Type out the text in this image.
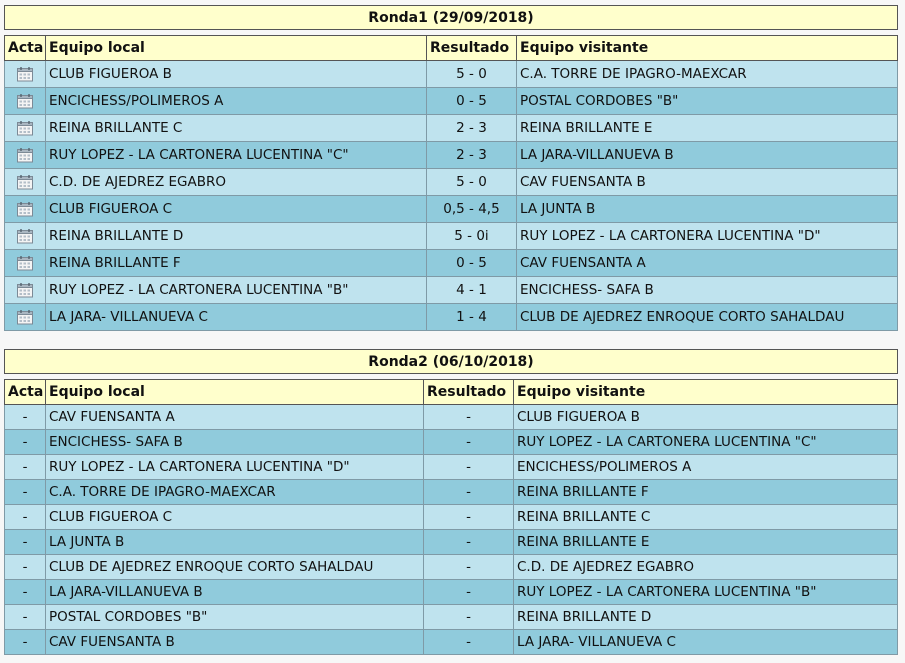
Ronda1 (29/09/2018)
Acta	Equipo local	Resultado	Equipo visitante
	CLUB FIGUEROA B	5 - 0	C.A. TORRE DE IPAGRO-MAEXCAR
	ENCICHESS/POLIMEROS A	0 - 5	POSTAL CORDOBES "B"
	REINA BRILLANTE C	2 - 3	REINA BRILLANTE E
	RUY LOPEZ - LA CARTONERA LUCENTINA "C"	2 - 3	LA JARA-VILLANUEVA B
	C.D. DE AJEDREZ EGABRO	5 - 0	CAV FUENSANTA B
	CLUB FIGUEROA C	0,5 - 4,5	LA JUNTA B
	REINA BRILLANTE D	5 - 0i	RUY LOPEZ - LA CARTONERA LUCENTINA "D"
	REINA BRILLANTE F	0 - 5	CAV FUENSANTA A
	RUY LOPEZ - LA CARTONERA LUCENTINA "B"	4 - 1	ENCICHESS- SAFA B
	LA JARA- VILLANUEVA C	1 - 4	CLUB DE AJEDREZ ENROQUE CORTO SAHALDAU
Ronda2 (06/10/2018)
Acta	Equipo local	Resultado	Equipo visitante
-	CAV FUENSANTA A	-	CLUB FIGUEROA B
-	ENCICHESS- SAFA B	-	RUY LOPEZ - LA CARTONERA LUCENTINA "C"
-	RUY LOPEZ - LA CARTONERA LUCENTINA "D"	-	ENCICHESS/POLIMEROS A
-	C.A. TORRE DE IPAGRO-MAEXCAR	-	REINA BRILLANTE F
-	CLUB FIGUEROA C	-	REINA BRILLANTE C
-	LA JUNTA B	-	REINA BRILLANTE E
-	CLUB DE AJEDREZ ENROQUE CORTO SAHALDAU	-	C.D. DE AJEDREZ EGABRO
-	LA JARA-VILLANUEVA B	-	RUY LOPEZ - LA CARTONERA LUCENTINA "B"
-	POSTAL CORDOBES "B"	-	REINA BRILLANTE D
-	CAV FUENSANTA B	-	LA JARA- VILLANUEVA C
